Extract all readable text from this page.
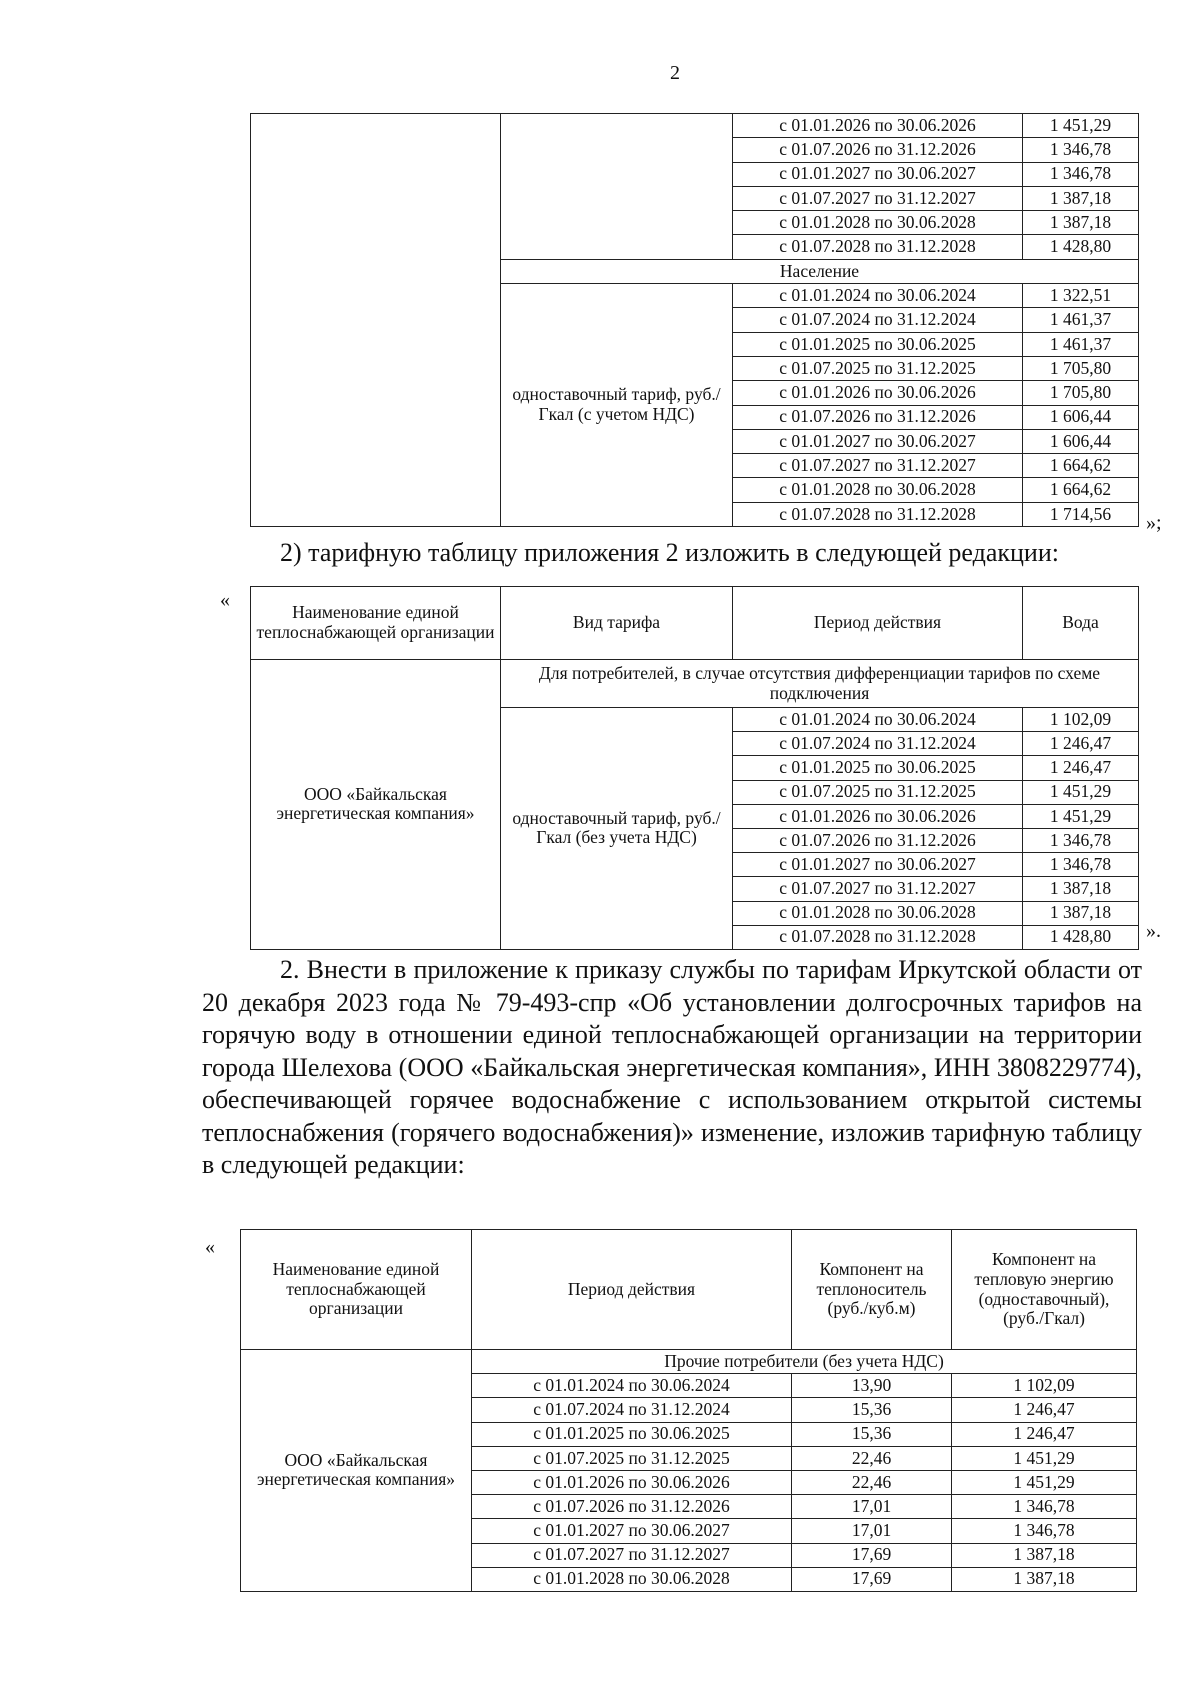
2
		с 01.01.2026 по 30.06.2026	1 451,29
		с 01.07.2026 по 31.12.2026	1 346,78
		с 01.01.2027 по 30.06.2027	1 346,78
		с 01.07.2027 по 31.12.2027	1 387,18
		с 01.01.2028 по 30.06.2028	1 387,18
		с 01.07.2028 по 31.12.2028	1 428,80
	Население		
	одноставочный тариф, руб./Гкал (с учетом НДС)	с 01.01.2024 по 30.06.2024	1 322,51
		с 01.07.2024 по 31.12.2024	1 461,37
		с 01.01.2025 по 30.06.2025	1 461,37
		с 01.07.2025 по 31.12.2025	1 705,80
		с 01.01.2026 по 30.06.2026	1 705,80
		с 01.07.2026 по 31.12.2026	1 606,44
		с 01.01.2027 по 30.06.2027	1 606,44
		с 01.07.2027 по 31.12.2027	1 664,62
		с 01.01.2028 по 30.06.2028	1 664,62
		с 01.07.2028 по 31.12.2028	1 714,56 »;
2) тарифную таблицу приложения 2 изложить в следующей редакции:
«
Наименование единой теплоснабжающей организации	Вид тарифа	Период действия	Вода
ООО «Байкальская энергетическая компания»	Для потребителей, в случае отсутствия дифференциации тарифов по схеме подключения		
	одноставочный тариф, руб./Гкал (без учета НДС)	с 01.01.2024 по 30.06.2024	1 102,09
		с 01.07.2024 по 31.12.2024	1 246,47
		с 01.01.2025 по 30.06.2025	1 246,47
		с 01.07.2025 по 31.12.2025	1 451,29
		с 01.01.2026 по 30.06.2026	1 451,29
		с 01.07.2026 по 31.12.2026	1 346,78
		с 01.01.2027 по 30.06.2027	1 346,78
		с 01.07.2027 по 31.12.2027	1 387,18
		с 01.01.2028 по 30.06.2028	1 387,18
		с 01.07.2028 по 31.12.2028	1 428,80 ».
2. Внести в приложение к приказу службы по тарифам Иркутской области от 20 декабря 2023 года № 79-493-спр «Об установлении долгосрочных тарифов на горячую воду в отношении единой теплоснабжающей организации на территории города Шелехова (ООО «Байкальская энергетическая компания», ИНН 3808229774), обеспечивающей горячее водоснабжение с использованием открытой системы теплоснабжения (горячего водоснабжения)» изменение, изложив тарифную таблицу в следующей редакции:
«
Наименование единой теплоснабжающей организации	Период действия	Компонент на теплоноситель (руб./куб.м)	Компонент на тепловую энергию (одноставочный), (руб./Гкал)
ООО «Байкальская энергетическая компания»	Прочие потребители (без учета НДС)		
	с 01.01.2024 по 30.06.2024	13,90	1 102,09
	с 01.07.2024 по 31.12.2024	15,36	1 246,47
	с 01.01.2025 по 30.06.2025	15,36	1 246,47
	с 01.07.2025 по 31.12.2025	22,46	1 451,29
	с 01.01.2026 по 30.06.2026	22,46	1 451,29
	с 01.07.2026 по 31.12.2026	17,01	1 346,78
	с 01.01.2027 по 30.06.2027	17,01	1 346,78
	с 01.07.2027 по 31.12.2027	17,69	1 387,18
	с 01.01.2028 по 30.06.2028	17,69	1 387,18
